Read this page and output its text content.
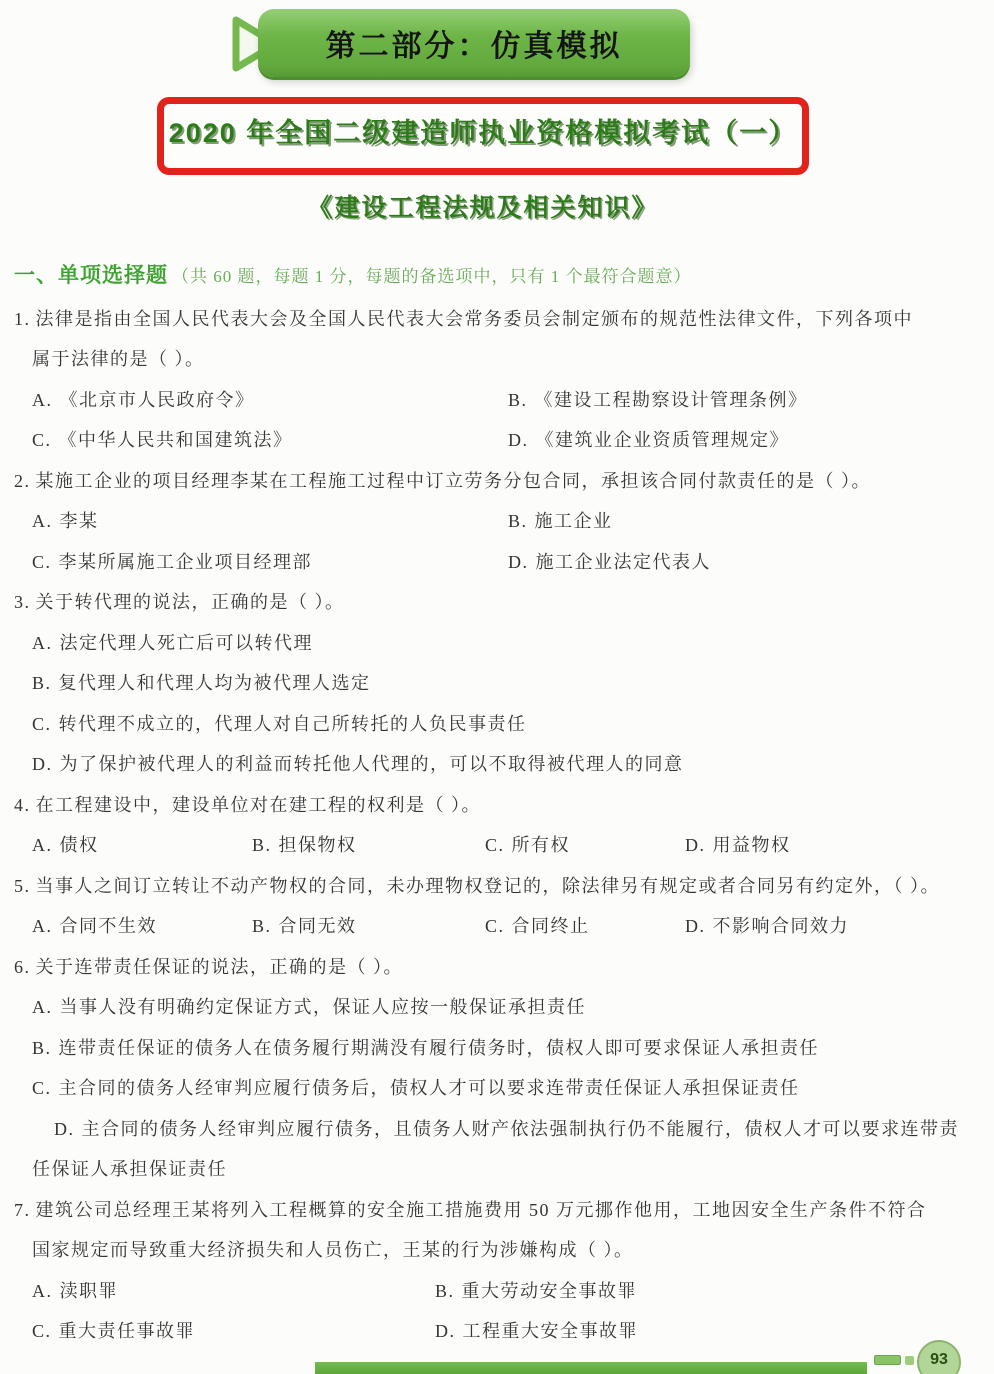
第二部分：仿真模拟
2020 年全国二级建造师执业资格模拟考试（一）
《建设工程法规及相关知识》

一、单项选择题 （共 60 题，每题 1 分，每题的备选项中，只有 1 个最符合题意）

1. 法律是指由全国人民代表大会及全国人民代表大会常务委员会制定颁布的规范性法律文件，下列各项中属于法律的是（ ）。

A. 《北京市人民政府令》	B. 《建设工程勘察设计管理条例》

C. 《中华人民共和国建筑法》	D. 《建筑业企业资质管理规定》

2. 某施工企业的项目经理李某在工程施工过程中订立劳务分包合同，承担该合同付款责任的是（ ）。

A. 李某	B. 施工企业

C. 李某所属施工企业项目经理部	D. 施工企业法定代表人

3. 关于转代理的说法，正确的是（ ）。

A. 法定代理人死亡后可以转代理

B. 复代理人和代理人均为被代理人选定

C. 转代理不成立的，代理人对自己所转托的人负民事责任

D. 为了保护被代理人的利益而转托他人代理的，可以不取得被代理人的同意

4. 在工程建设中，建设单位对在建工程的权利是（ ）。

A. 债权	B. 担保物权	C. 所有权	D. 用益物权

5. 当事人之间订立转让不动产物权的合同，未办理物权登记的，除法律另有规定或者合同另有约定外，（ ）。

A. 合同不生效	B. 合同无效	C. 合同终止	D. 不影响合同效力

6. 关于连带责任保证的说法，正确的是（ ）。

A. 当事人没有明确约定保证方式，保证人应按一般保证承担责任

B. 连带责任保证的债务人在债务履行期满没有履行债务时，债权人即可要求保证人承担责任

C. 主合同的债务人经审判应履行债务后，债权人才可以要求连带责任保证人承担保证责任

D. 主合同的债务人经审判应履行债务，且债务人财产依法强制执行仍不能履行，债权人才可以要求连带责任保证人承担保证责任

7. 建筑公司总经理王某将列入工程概算的安全施工措施费用 50 万元挪作他用，工地因安全生产条件不符合国家规定而导致重大经济损失和人员伤亡，王某的行为涉嫌构成（ ）。

A. 渎职罪	B. 重大劳动安全事故罪

C. 重大责任事故罪	D. 工程重大安全事故罪

93
